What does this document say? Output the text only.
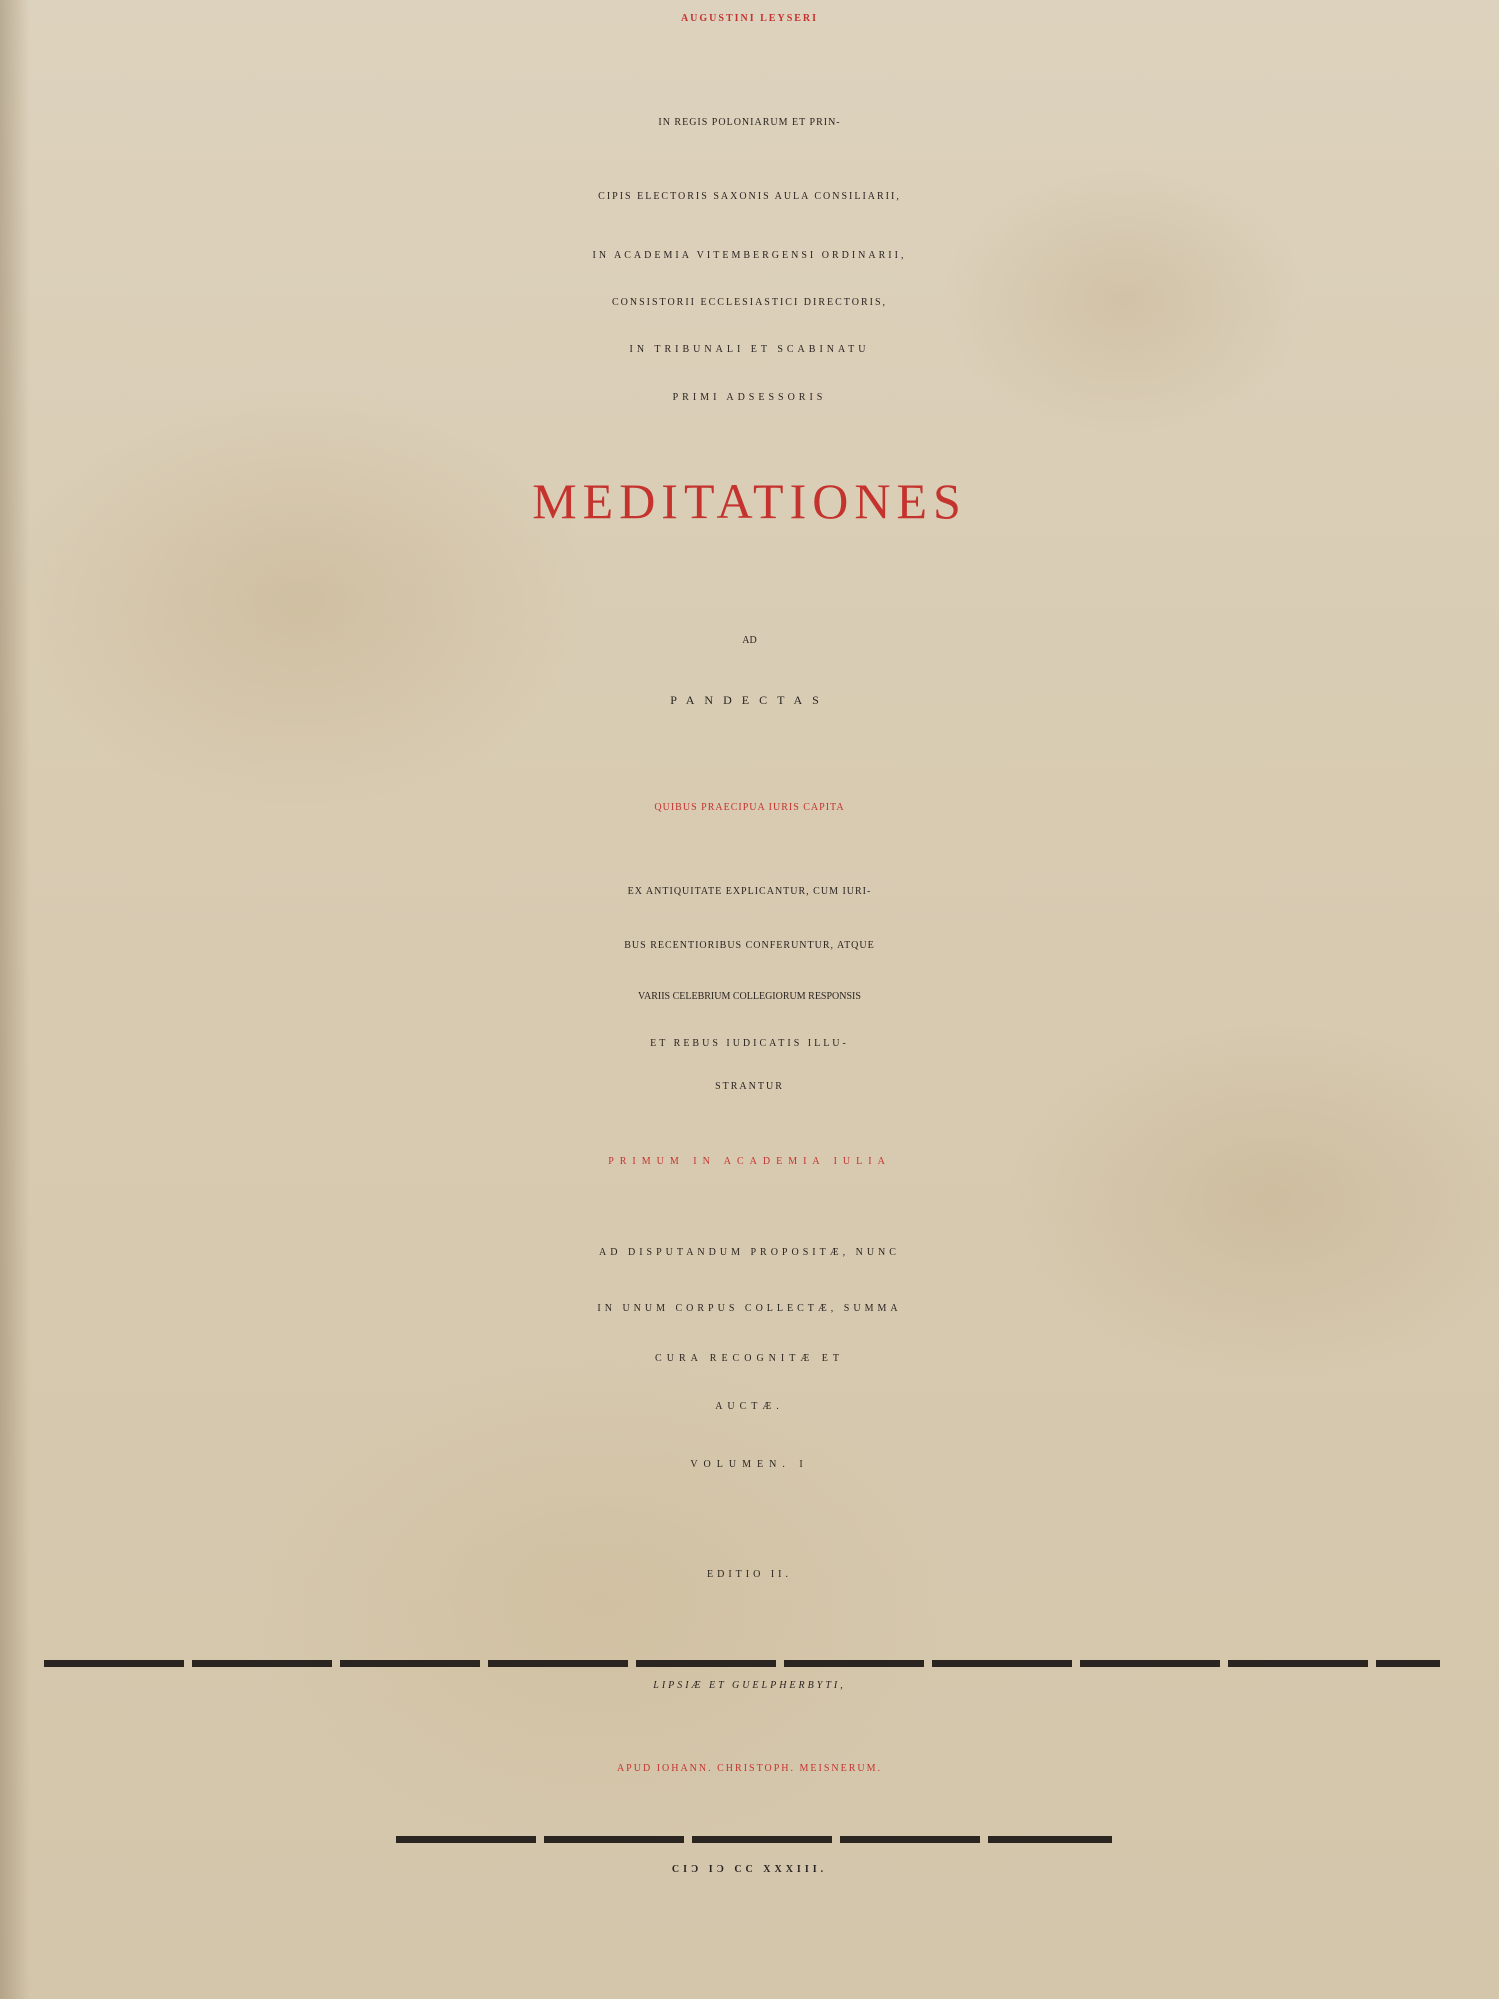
AUGUSTINI LEYSERI
IN REGIS POLONIARUM ET PRIN-
CIPIS ELECTORIS SAXONIS AULA CONSILIARII,
IN ACADEMIA VITEMBERGENSI ORDINARII,
CONSISTORII ECCLESIASTICI DIRECTORIS,
IN TRIBUNALI ET SCABINATU
PRIMI ADSESSORIS
MEDITATIONES
AD
PANDECTAS
QUIBUS PRAECIPUA IURIS CAPITA
EX ANTIQUITATE EXPLICANTUR, CUM IURI-
BUS RECENTIORIBUS CONFERUNTUR, ATQUE
VARIIS CELEBRIUM COLLEGIORUM RESPONSIS
ET REBUS IUDICATIS ILLU-
STRANTUR
PRIMUM IN ACADEMIA IULIA
AD DISPUTANDUM PROPOSITÆ, NUNC
IN UNUM CORPUS COLLECTÆ, SUMMA
CURA RECOGNITÆ ET
AUCTÆ.
VOLUMEN. I
EDITIO II.
LIPSIÆ ET GUELPHERBYTI,
APUD IOHANN. CHRISTOPH. MEISNERUM.
CIƆ IƆ CC XXXIII.
